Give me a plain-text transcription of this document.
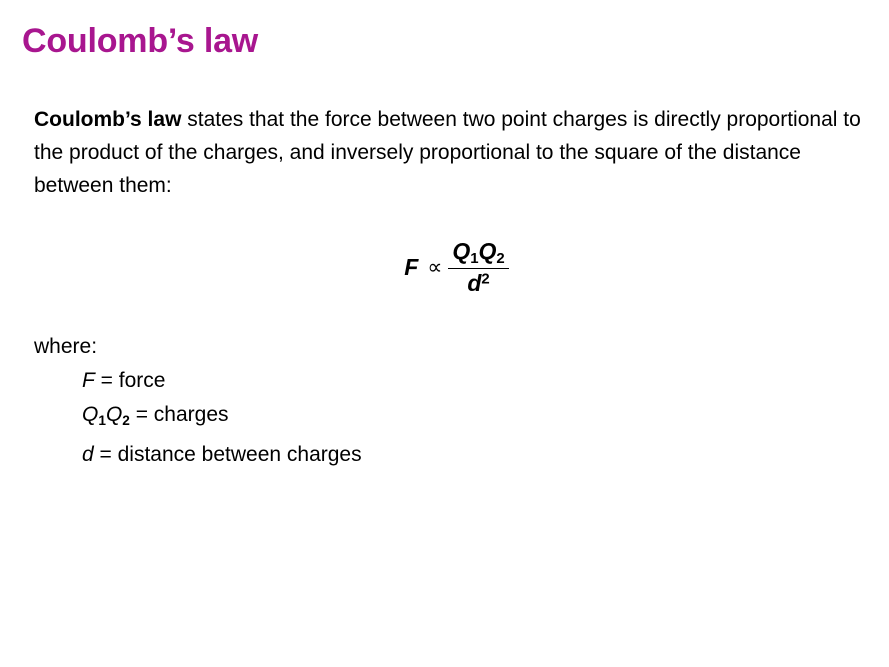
Coulomb’s law
Coulomb’s law states that the force between two point charges is directly proportional to the product of the charges, and inversely proportional to the square of the distance between them:
$F \propto \frac{Q_1Q_2}{d^2}$
where:
F = force
$Q_1Q_2$ = charges
d = distance between charges
